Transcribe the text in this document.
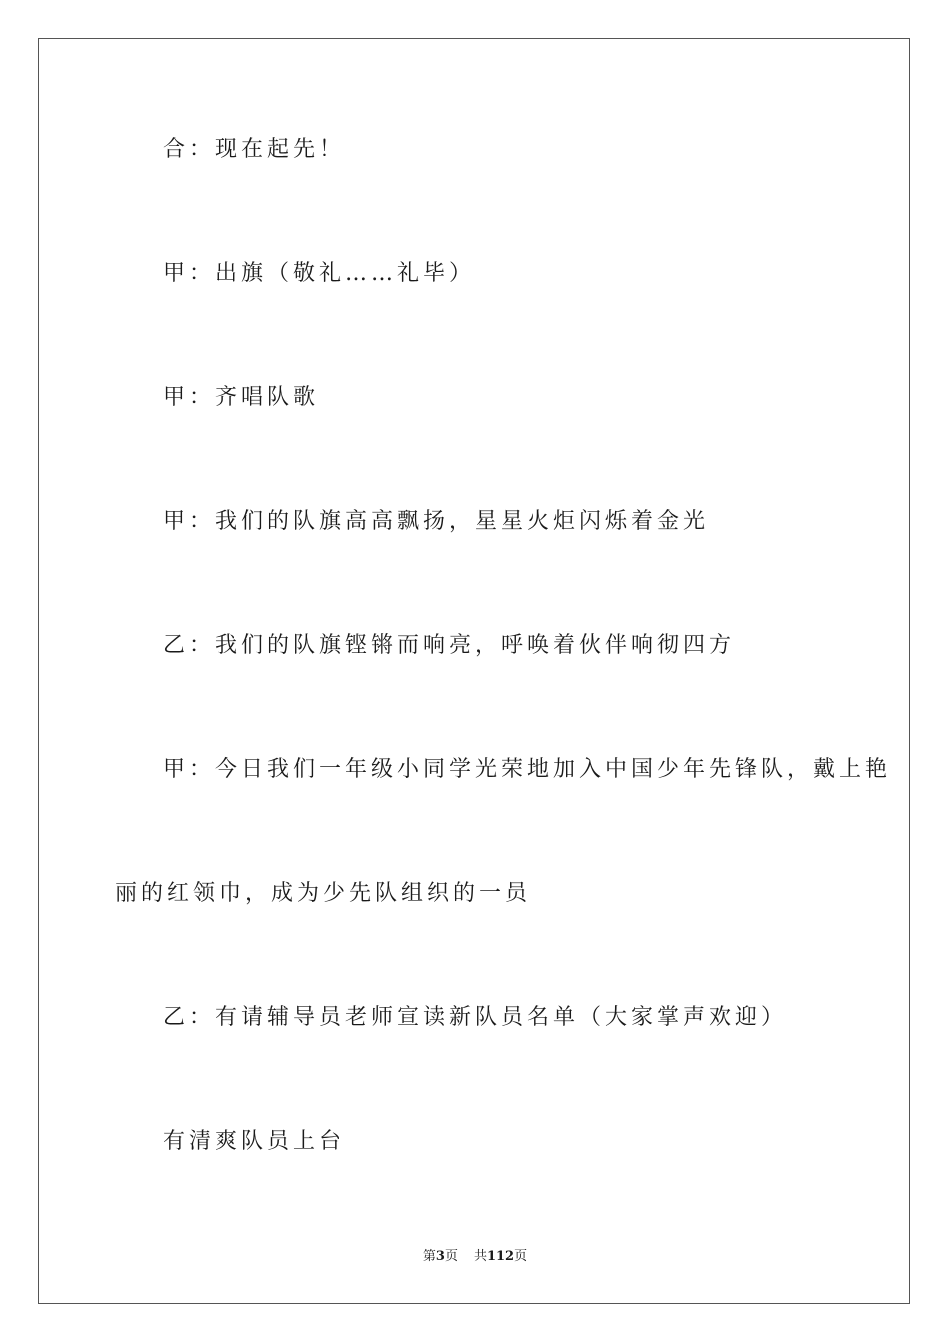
合：现在起先！
甲：出旗（敬礼……礼毕）
甲：齐唱队歌
甲：我们的队旗高高飘扬，星星火炬闪烁着金光
乙：我们的队旗铿锵而响亮，呼唤着伙伴响彻四方
甲：今日我们一年级小同学光荣地加入中国少年先锋队，戴上艳
丽的红领巾，成为少先队组织的一员
乙：有请辅导员老师宣读新队员名单（大家掌声欢迎）
有清爽队员上台
第3页 共112页
